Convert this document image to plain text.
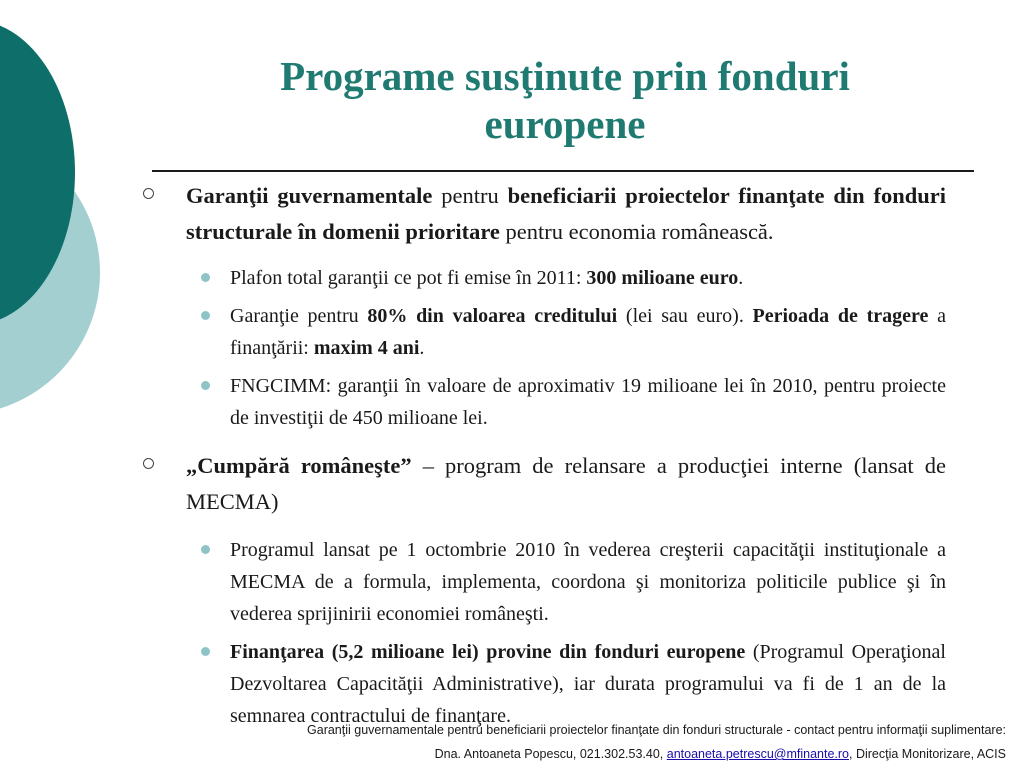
Programe susţinute prin fonduri
europene
Garanţii guvernamentale pentru beneficiarii proiectelor finanţate din fonduri structurale în domenii prioritare pentru economia românească.
Plafon total garanţii ce pot fi emise în 2011: 300 milioane euro.
Garanţie pentru 80% din valoarea creditului (lei sau euro). Perioada de tragere a finanţării: maxim 4 ani.
FNGCIMM: garanţii în valoare de aproximativ 19 milioane lei în 2010, pentru proiecte de investiţii de 450 milioane lei.
„Cumpără româneşte” – program de relansare a producţiei interne (lansat de MECMA)
Programul lansat pe 1 octombrie 2010 în vederea creşterii capacităţii instituţionale a MECMA de a formula, implementa, coordona şi monitoriza politicile publice şi în vederea sprijinirii economiei româneşti.
Finanţarea (5,2 milioane lei) provine din fonduri europene (Programul Operaţional Dezvoltarea Capacităţii Administrative), iar durata programului va fi de 1 an de la semnarea contractului de finanţare.
Garanţii guvernamentale pentru beneficiarii proiectelor finanţate din fonduri structurale - contact pentru informaţii suplimentare:
Dna. Antoaneta Popescu, 021.302.53.40, antoaneta.petrescu@mfinante.ro, Direcţia Monitorizare, ACIS
